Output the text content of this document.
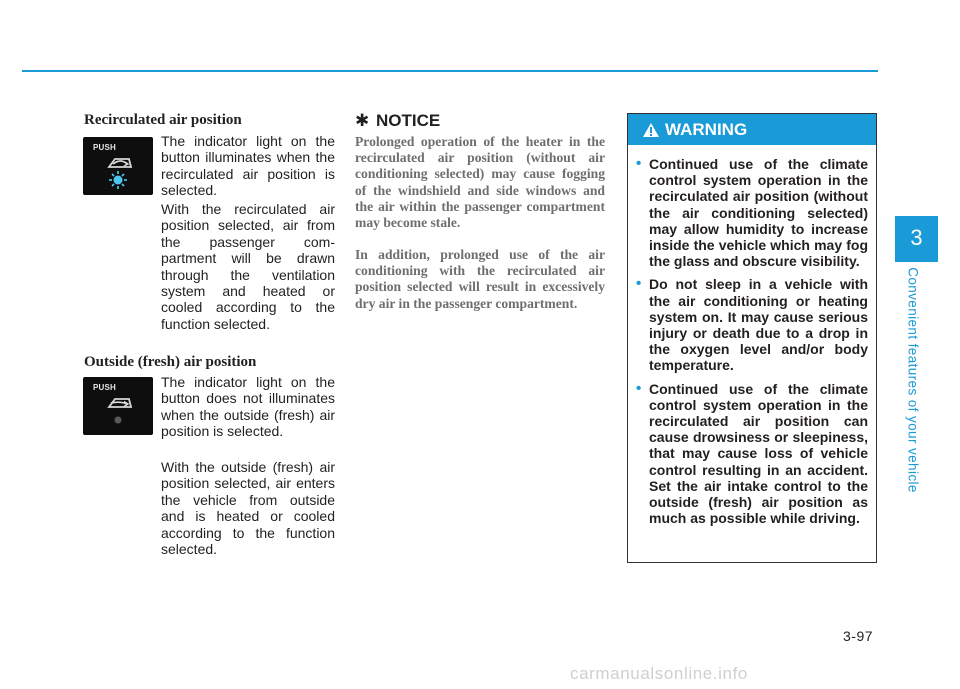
Recirculated air position
PUSH	The indicator light on the button illuminates when the recirculated air position is selected.

With the recirculated air position selected, air from the passenger compartment will be drawn through the ventilation system and heated or cooled according to the function selected.

Outside (fresh) air position
PUSH	The indicator light on the button does not illuminates when the outside (fresh) air position is selected.

With the outside (fresh) air position selected, air enters the vehicle from outside and is heated or cooled according to the function selected.

✱ NOTICE

Prolonged operation of the heater in the recirculated air position (without air conditioning selected) may cause fogging of the windshield and side windows and the air within the passenger compartment may become stale.

In addition, prolonged use of the air conditioning with the recirculated air position selected will result in excessively dry air in the passenger compartment.

WARNING
• Continued use of the climate control system operation in the recirculated air position (without the air conditioning selected) may allow humidity to increase inside the vehicle which may fog the glass and obscure visibility.
• Do not sleep in a vehicle with the air conditioning or heating system on. It may cause serious injury or death due to a drop in the oxygen level and/or body temperature.
• Continued use of the climate control system operation in the recirculated air position can cause drowsiness or sleepiness, that may cause loss of vehicle control resulting in an accident. Set the air intake control to the outside (fresh) air position as much as possible while driving.
3
Convenient features of your vehicle
3-97
carmanualsonline.info
